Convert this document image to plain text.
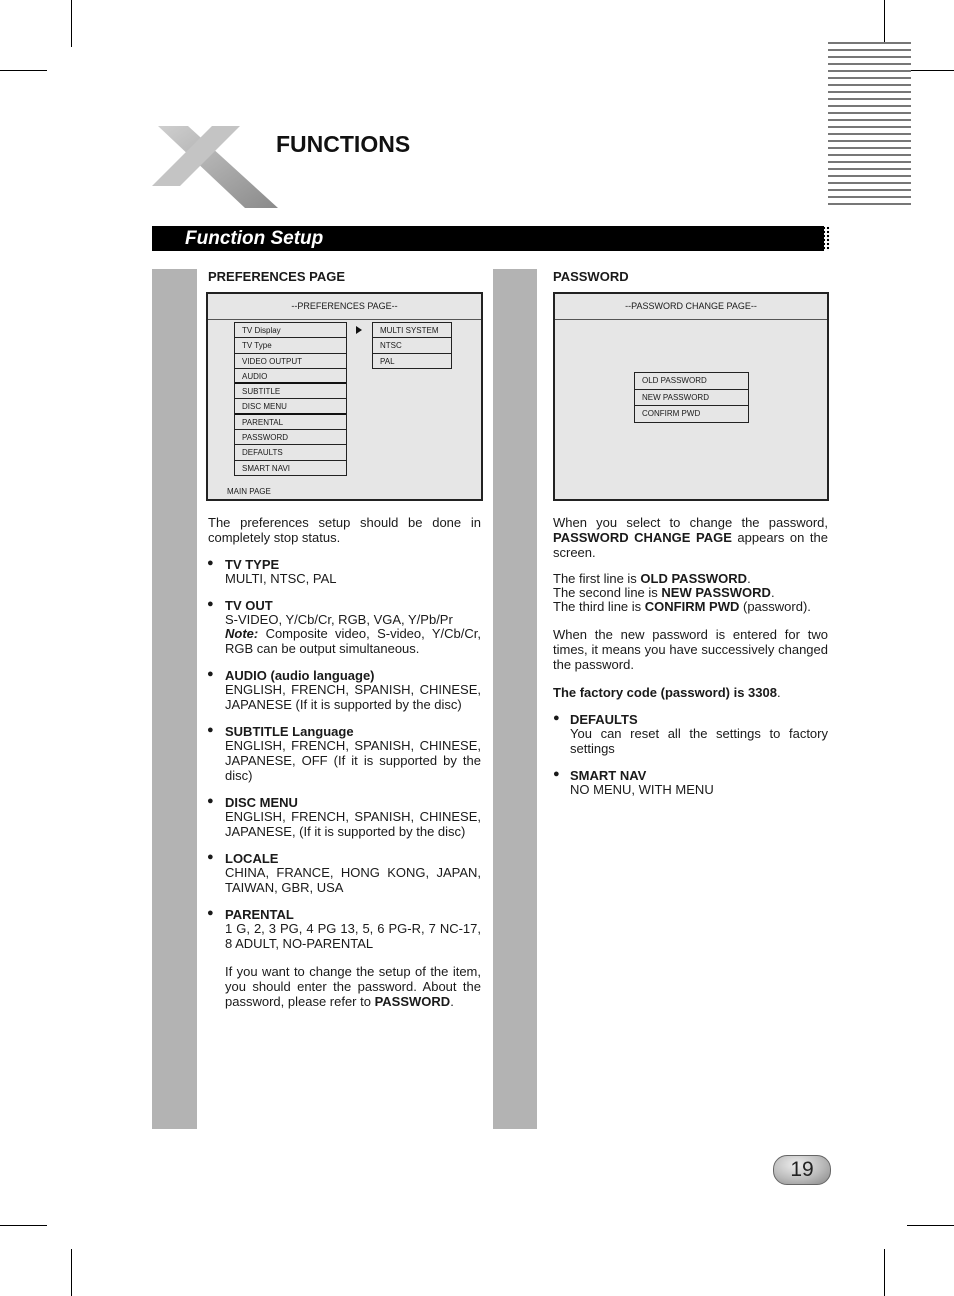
FUNCTIONS
Function Setup
PREFERENCES PAGE
--PREFERENCES PAGE--
TV Display
TV Type
VIDEO OUTPUT
AUDIO
SUBTITLE
DISC MENU
PARENTAL
PASSWORD
DEFAULTS
SMART NAVI
MULTI SYSTEM
NTSC
PAL
MAIN PAGE
The preferences setup should be done in completely stop status.
● TV TYPE
MULTI, NTSC, PAL
● TV OUT
S-VIDEO, Y/Cb/Cr, RGB, VGA, Y/Pb/Pr
Note: Composite video, S-video, Y/Cb/Cr, RGB can be output simultaneous.
● AUDIO (audio language)
ENGLISH, FRENCH, SPANISH, CHINESE, JAPANESE (If it is supported by the disc)
● SUBTITLE Language
ENGLISH, FRENCH, SPANISH, CHINESE, JAPANESE, OFF (If it is supported by the disc)
● DISC MENU
ENGLISH, FRENCH, SPANISH, CHINESE, JAPANESE, (If it is supported by the disc)
● LOCALE
CHINA, FRANCE, HONG KONG, JAPAN, TAIWAN, GBR, USA
● PARENTAL
1 G, 2, 3 PG, 4 PG 13, 5, 6 PG-R, 7 NC-17, 8 ADULT, NO-PARENTAL
If you want to change the setup of the item, you should enter the password. About the password, please refer to PASSWORD.
PASSWORD
--PASSWORD CHANGE PAGE--
OLD PASSWORD
NEW PASSWORD
CONFIRM PWD
When you select to change the password, PASSWORD CHANGE PAGE appears on the screen.
The first line is OLD PASSWORD.
The second line is NEW PASSWORD.
The third line is CONFIRM PWD (password).
When the new password is entered for two times, it means you have successively changed the password.
The factory code (password) is 3308.
● DEFAULTS
You can reset all the settings to factory settings
● SMART NAV
NO MENU, WITH MENU
19
